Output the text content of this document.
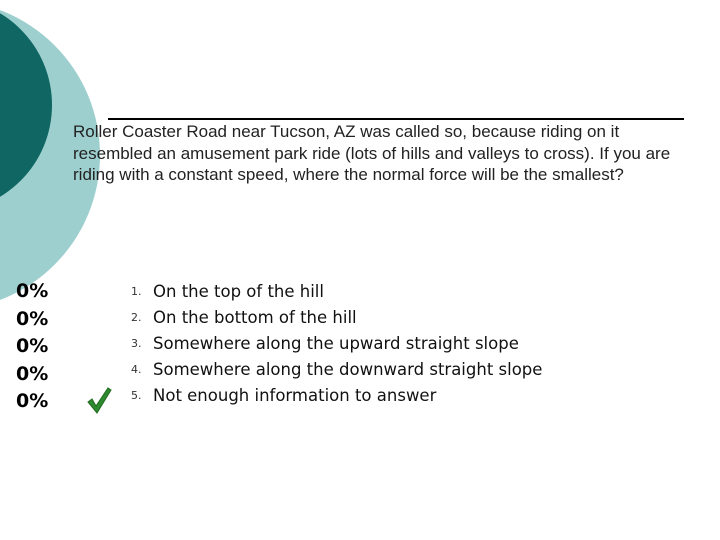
Roller Coaster Road near Tucson, AZ was called so, because riding on it resembled an amusement park ride (lots of hills and valleys to cross). If you are riding with a constant speed, where the normal force will be the smallest?

0%
0%
0%
0%
0%
1. On the top of the hill
2. On the bottom of the hill
3. Somewhere along the upward straight slope
4. Somewhere along the downward straight slope
5. Not enough information to answer
